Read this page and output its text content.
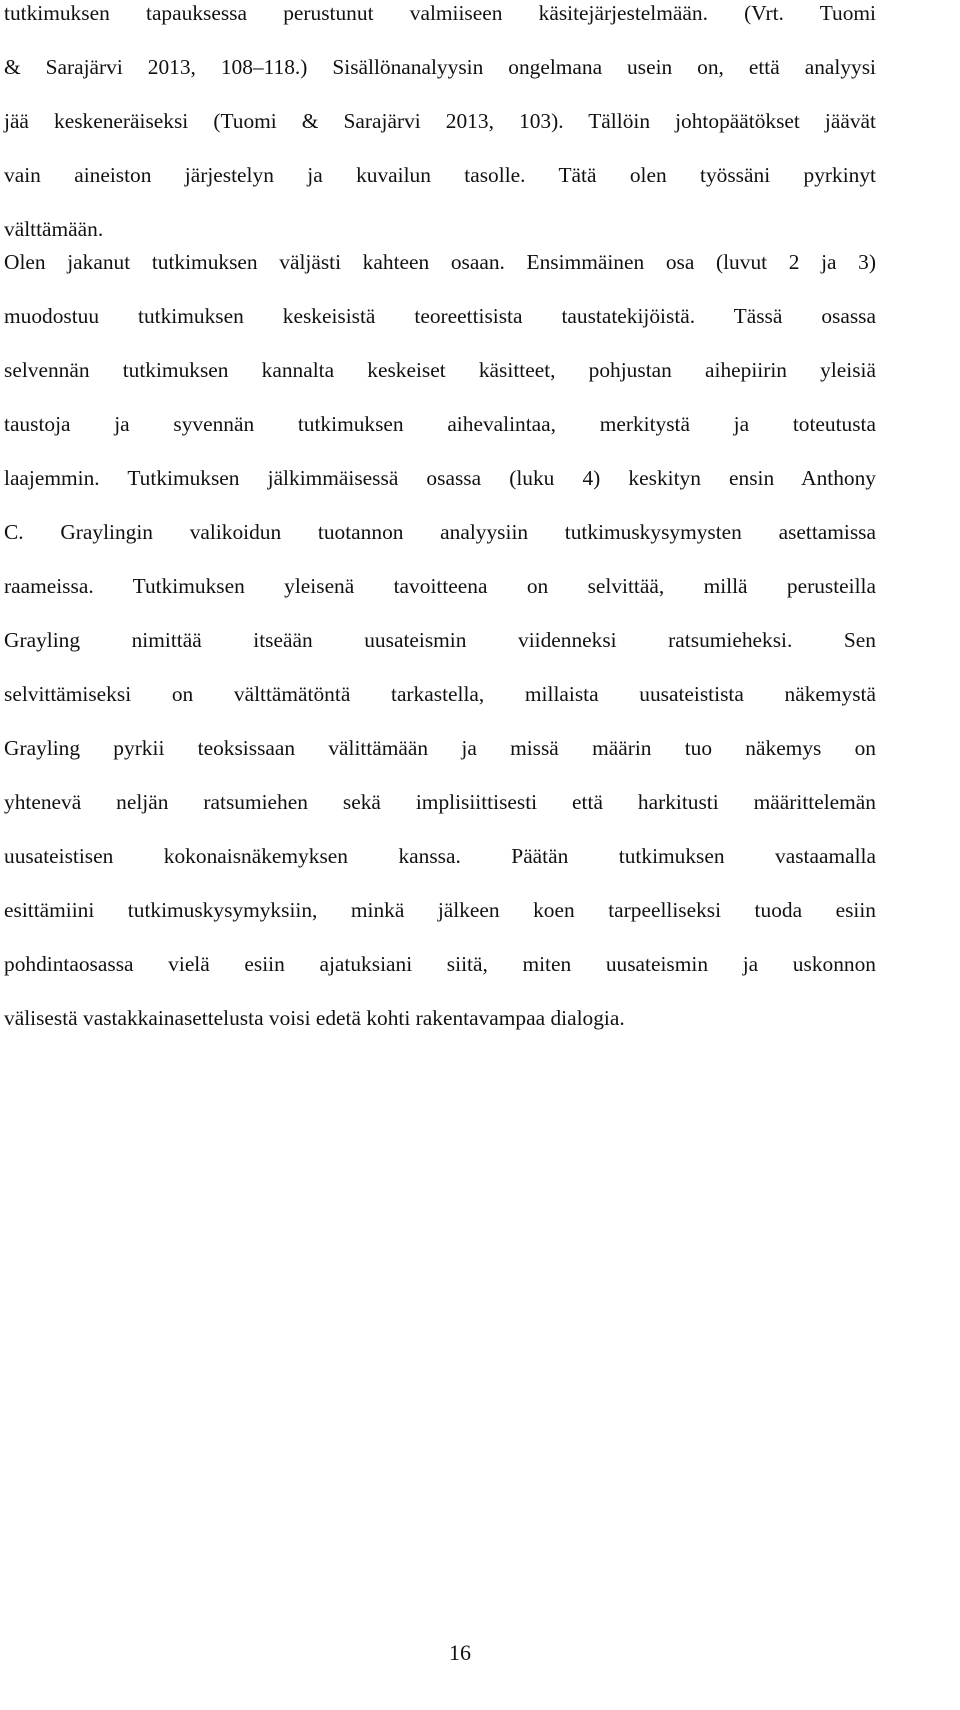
tutkimuksen tapauksessa perustunut valmiiseen käsitejärjestelmään. (Vrt. Tuomi
& Sarajärvi 2013, 108–118.) Sisällönanalyysin ongelmana usein on, että analyysi
jää keskeneräiseksi (Tuomi & Sarajärvi 2013, 103). Tällöin johtopäätökset jäävät
vain aineiston järjestelyn ja kuvailun tasolle. Tätä olen työssäni pyrkinyt
välttämään.
Olen jakanut tutkimuksen väljästi kahteen osaan. Ensimmäinen osa (luvut 2 ja 3)
muodostuu tutkimuksen keskeisistä teoreettisista taustatekijöistä. Tässä osassa
selvennän tutkimuksen kannalta keskeiset käsitteet, pohjustan aihepiirin yleisiä
taustoja ja syvennän tutkimuksen aihevalintaa, merkitystä ja toteutusta
laajemmin. Tutkimuksen jälkimmäisessä osassa (luku 4) keskityn ensin Anthony
C. Graylingin valikoidun tuotannon analyysiin tutkimuskysymysten asettamissa
raameissa. Tutkimuksen yleisenä tavoitteena on selvittää, millä perusteilla
Grayling nimittää itseään uusateismin viidenneksi ratsumieheksi. Sen
selvittämiseksi on välttämätöntä tarkastella, millaista uusateistista näkemystä
Grayling pyrkii teoksissaan välittämään ja missä määrin tuo näkemys on
yhtenevä neljän ratsumiehen sekä implisiittisesti että harkitusti määrittelemän
uusateistisen kokonaisnäkemyksen kanssa. Päätän tutkimuksen vastaamalla
esittämiini tutkimuskysymyksiin, minkä jälkeen koen tarpeelliseksi tuoda esiin
pohdintaosassa vielä esiin ajatuksiani siitä, miten uusateismin ja uskonnon
välisestä vastakkainasettelusta voisi edetä kohti rakentavampaa dialogia.
16
